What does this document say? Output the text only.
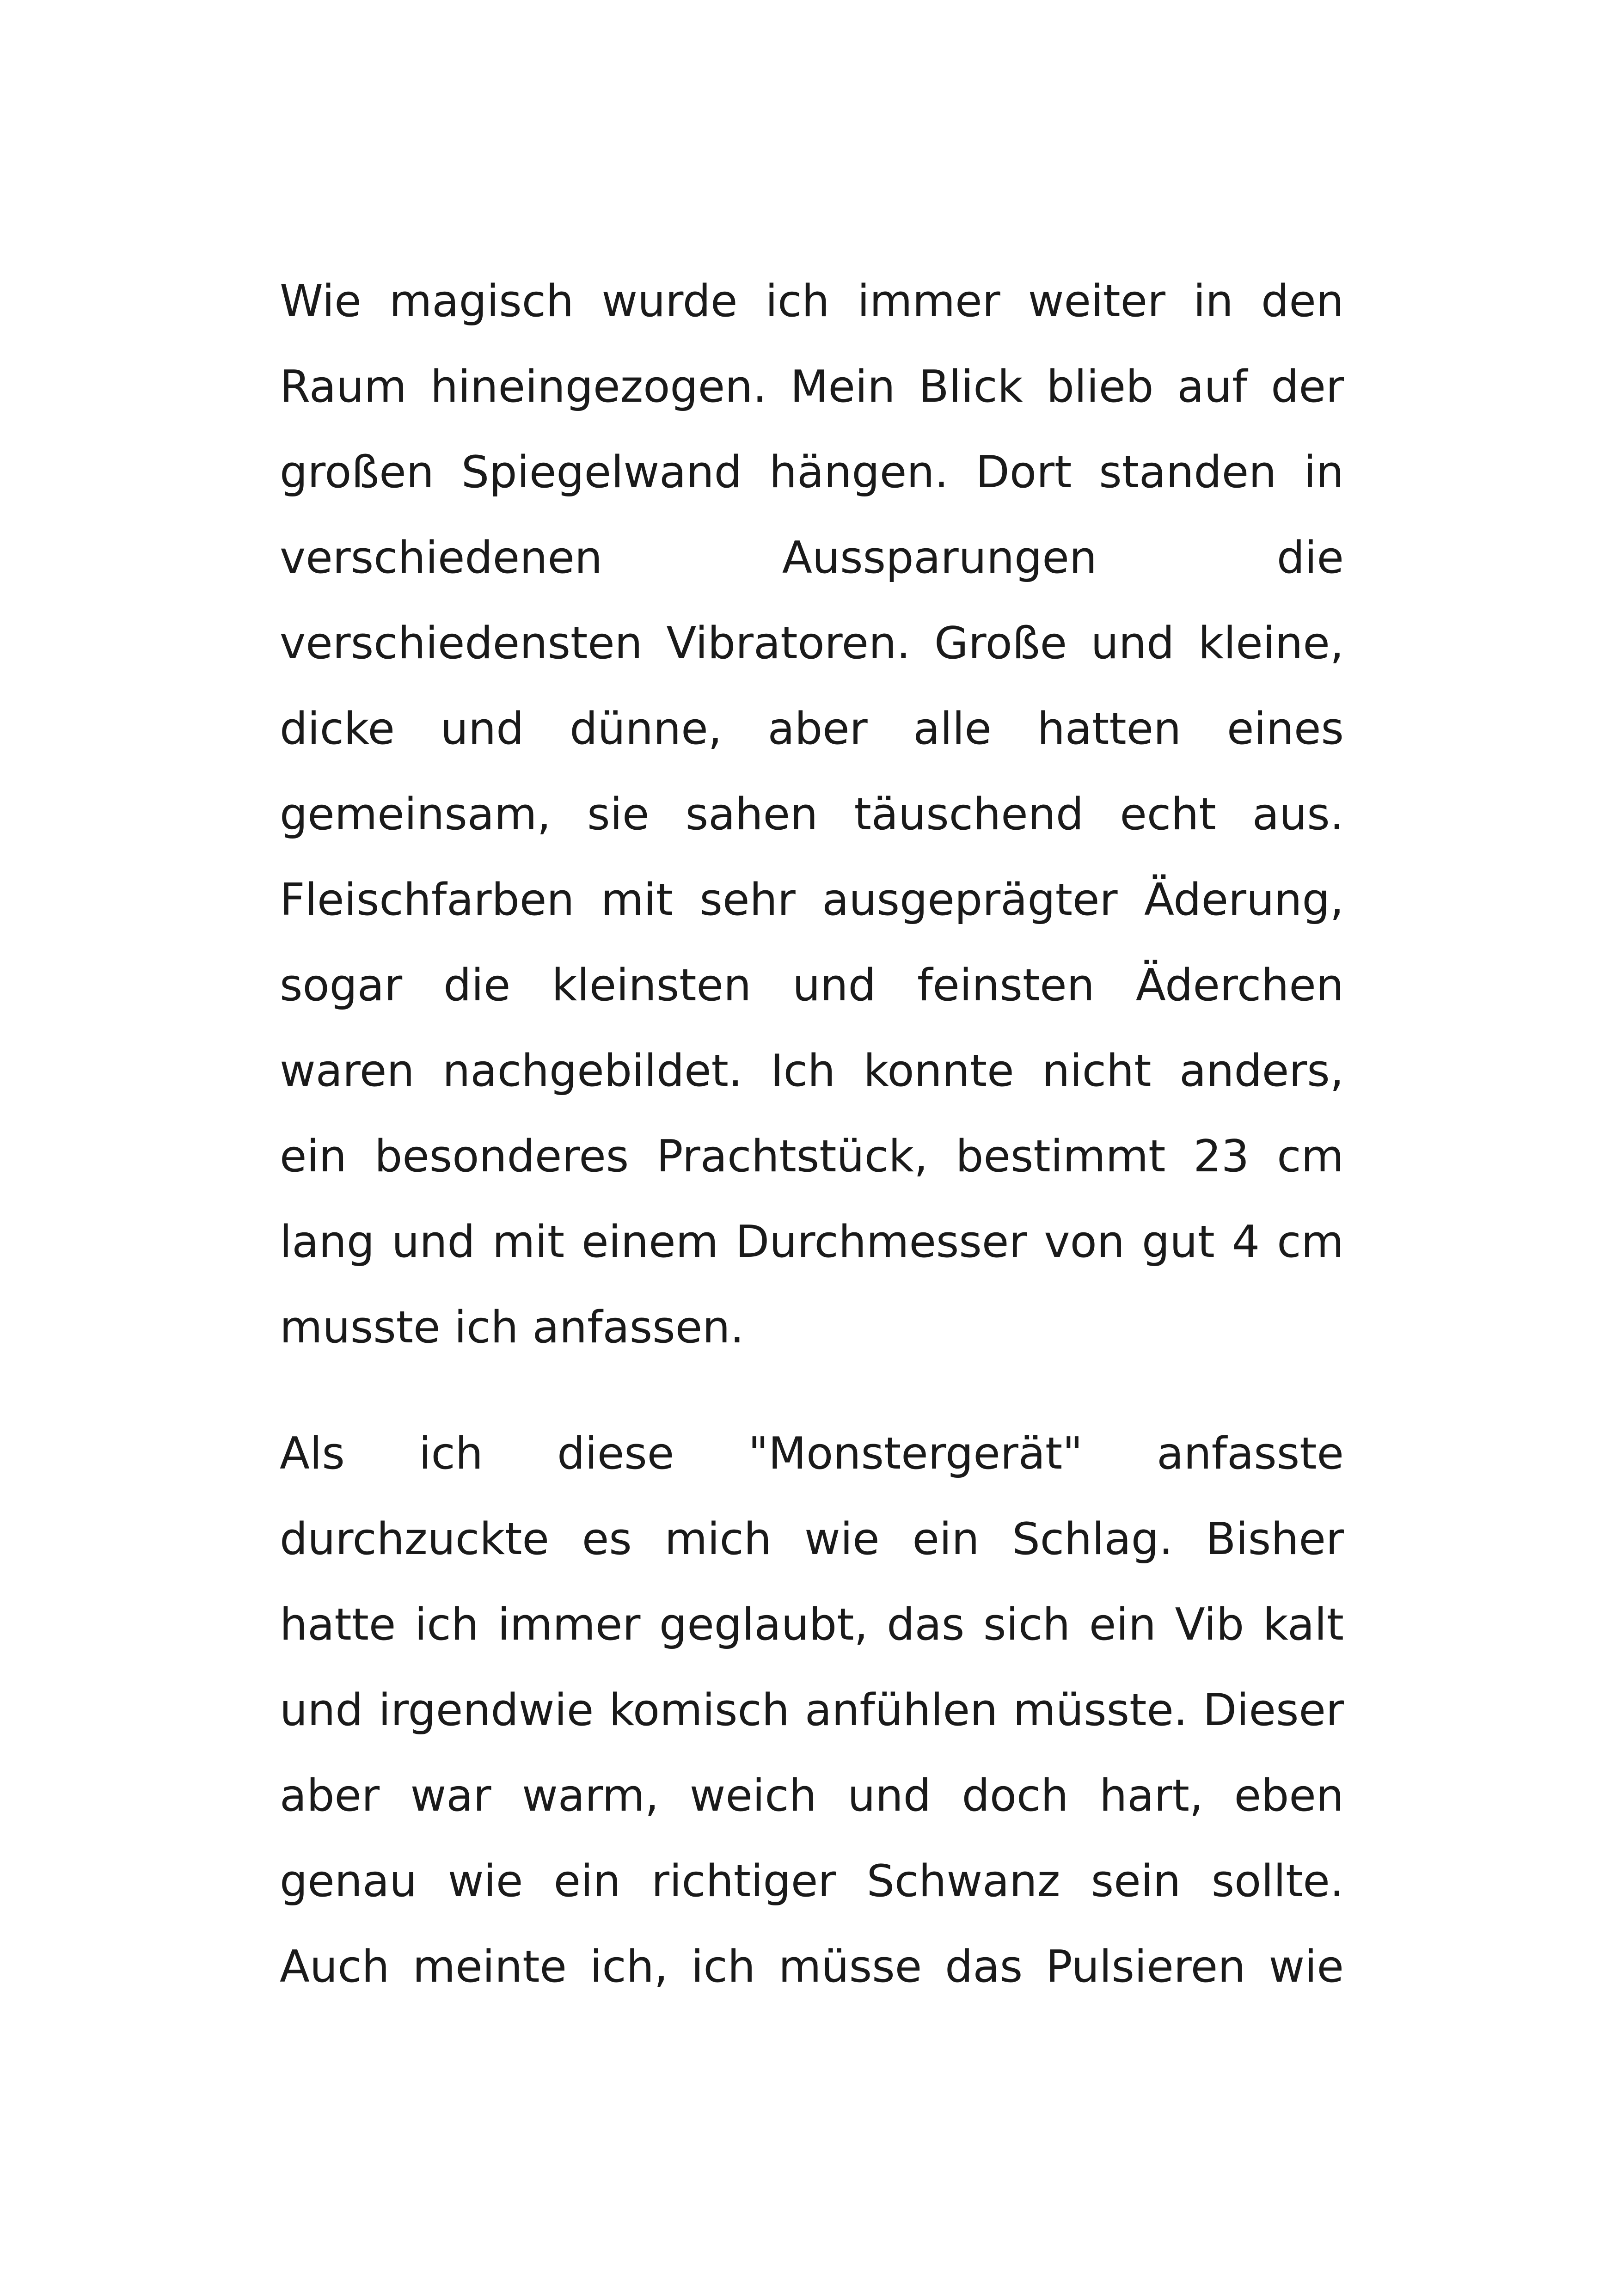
Wie magisch wurde ich immer weiter in den
Raum hineingezogen. Mein Blick blieb auf der
großen Spiegelwand hängen. Dort standen in
verschiedenen Aussparungen die
verschiedensten Vibratoren. Große und kleine,
dicke und dünne, aber alle hatten eines
gemeinsam, sie sahen täuschend echt aus.
Fleischfarben mit sehr ausgeprägter Äderung,
sogar die kleinsten und feinsten Äderchen
waren nachgebildet. Ich konnte nicht anders,
ein besonderes Prachtstück, bestimmt 23 cm
lang und mit einem Durchmesser von gut 4 cm
musste ich anfassen.
Als ich diese "Monstergerät" anfasste
durchzuckte es mich wie ein Schlag. Bisher
hatte ich immer geglaubt, das sich ein Vib kalt
und irgendwie komisch anfühlen müsste. Dieser
aber war warm, weich und doch hart, eben
genau wie ein richtiger Schwanz sein sollte.
Auch meinte ich, ich müsse das Pulsieren wie
